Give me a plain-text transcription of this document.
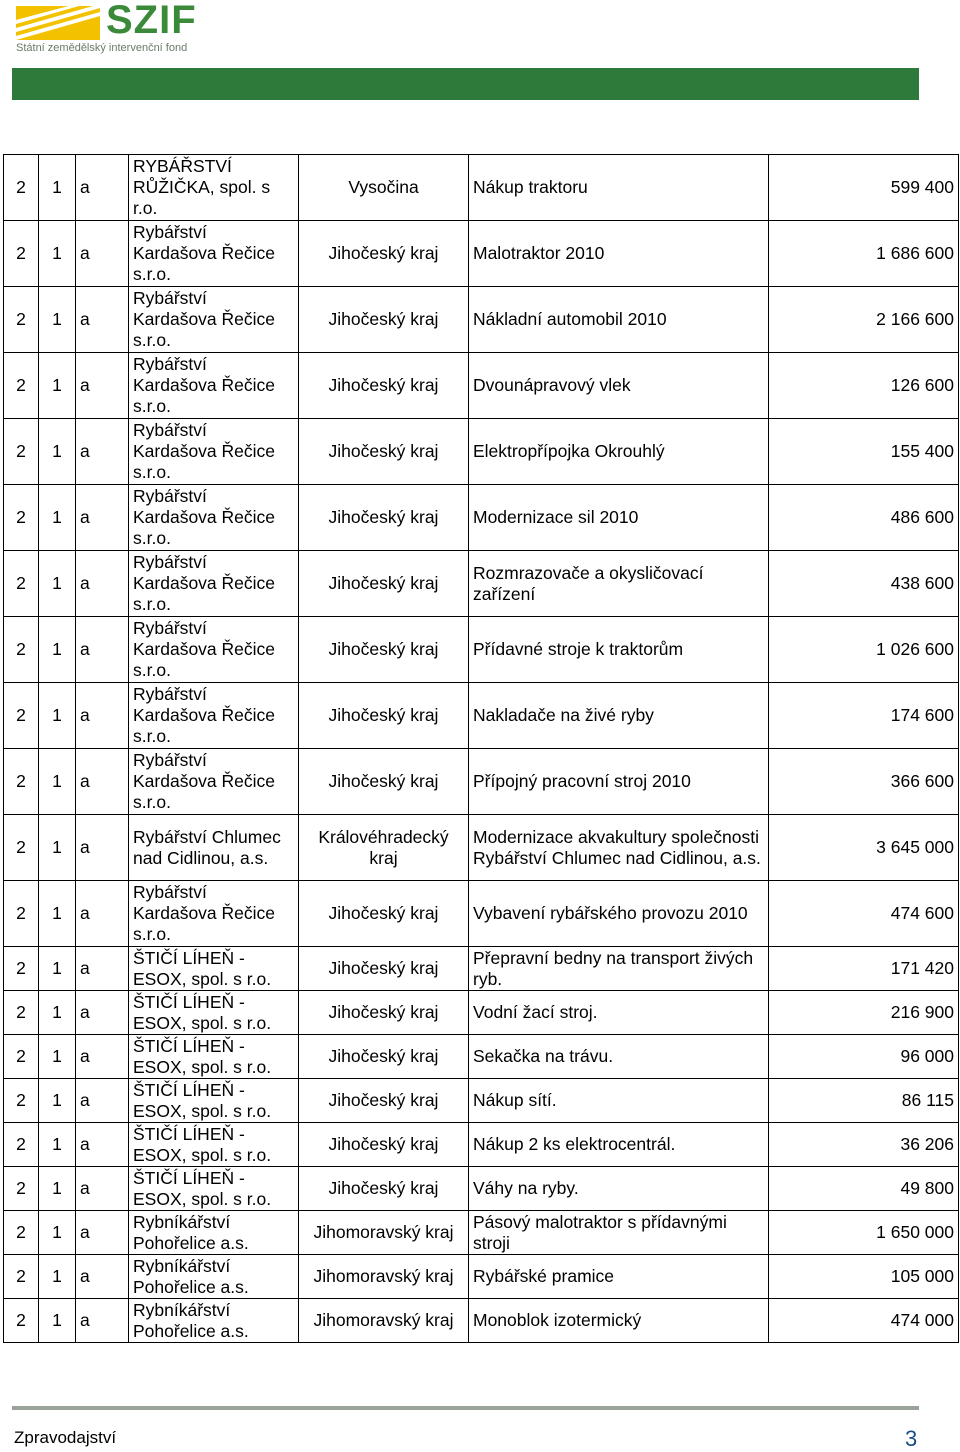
SZIF
Státní zemědělský intervenční fond
2	1	a	RYBÁŘSTVÍ RŮŽIČKA, spol. s r.o.	Vysočina	Nákup traktoru	599 400
2	1	a	Rybářství Kardašova Řečice s.r.o.	Jihočeský kraj	Malotraktor 2010	1 686 600
2	1	a	Rybářství Kardašova Řečice s.r.o.	Jihočeský kraj	Nákladní automobil 2010	2 166 600
2	1	a	Rybářství Kardašova Řečice s.r.o.	Jihočeský kraj	Dvounápravový vlek	126 600
2	1	a	Rybářství Kardašova Řečice s.r.o.	Jihočeský kraj	Elektropřípojka Okrouhlý	155 400
2	1	a	Rybářství Kardašova Řečice s.r.o.	Jihočeský kraj	Modernizace sil 2010	486 600
2	1	a	Rybářství Kardašova Řečice s.r.o.	Jihočeský kraj	Rozmrazovače a okysličovací zařízení	438 600
2	1	a	Rybářství Kardašova Řečice s.r.o.	Jihočeský kraj	Přídavné stroje k traktorům	1 026 600
2	1	a	Rybářství Kardašova Řečice s.r.o.	Jihočeský kraj	Nakladače na živé ryby	174 600
2	1	a	Rybářství Kardašova Řečice s.r.o.	Jihočeský kraj	Přípojný pracovní stroj 2010	366 600
2	1	a	Rybářství Chlumec nad Cidlinou, a.s.	Královéhradecký kraj	Modernizace akvakultury společnosti Rybářství Chlumec nad Cidlinou, a.s.	3 645 000
2	1	a	Rybářství Kardašova Řečice s.r.o.	Jihočeský kraj	Vybavení rybářského provozu 2010	474 600
2	1	a	ŠTIČÍ LÍHEŇ - ESOX, spol. s r.o.	Jihočeský kraj	Přepravní bedny na transport živých ryb.	171 420
2	1	a	ŠTIČÍ LÍHEŇ - ESOX, spol. s r.o.	Jihočeský kraj	Vodní žací stroj.	216 900
2	1	a	ŠTIČÍ LÍHEŇ - ESOX, spol. s r.o.	Jihočeský kraj	Sekačka na trávu.	96 000
2	1	a	ŠTIČÍ LÍHEŇ - ESOX, spol. s r.o.	Jihočeský kraj	Nákup sítí.	86 115
2	1	a	ŠTIČÍ LÍHEŇ - ESOX, spol. s r.o.	Jihočeský kraj	Nákup 2 ks elektrocentrál.	36 206
2	1	a	ŠTIČÍ LÍHEŇ - ESOX, spol. s r.o.	Jihočeský kraj	Váhy na ryby.	49 800
2	1	a	Rybníkářství Pohořelice a.s.	Jihomoravský kraj	Pásový malotraktor s přídavnými stroji	1 650 000
2	1	a	Rybníkářství Pohořelice a.s.	Jihomoravský kraj	Rybářské pramice	105 000
2	1	a	Rybníkářství Pohořelice a.s.	Jihomoravský kraj	Monoblok izotermický	474 000
Zpravodajství	3
